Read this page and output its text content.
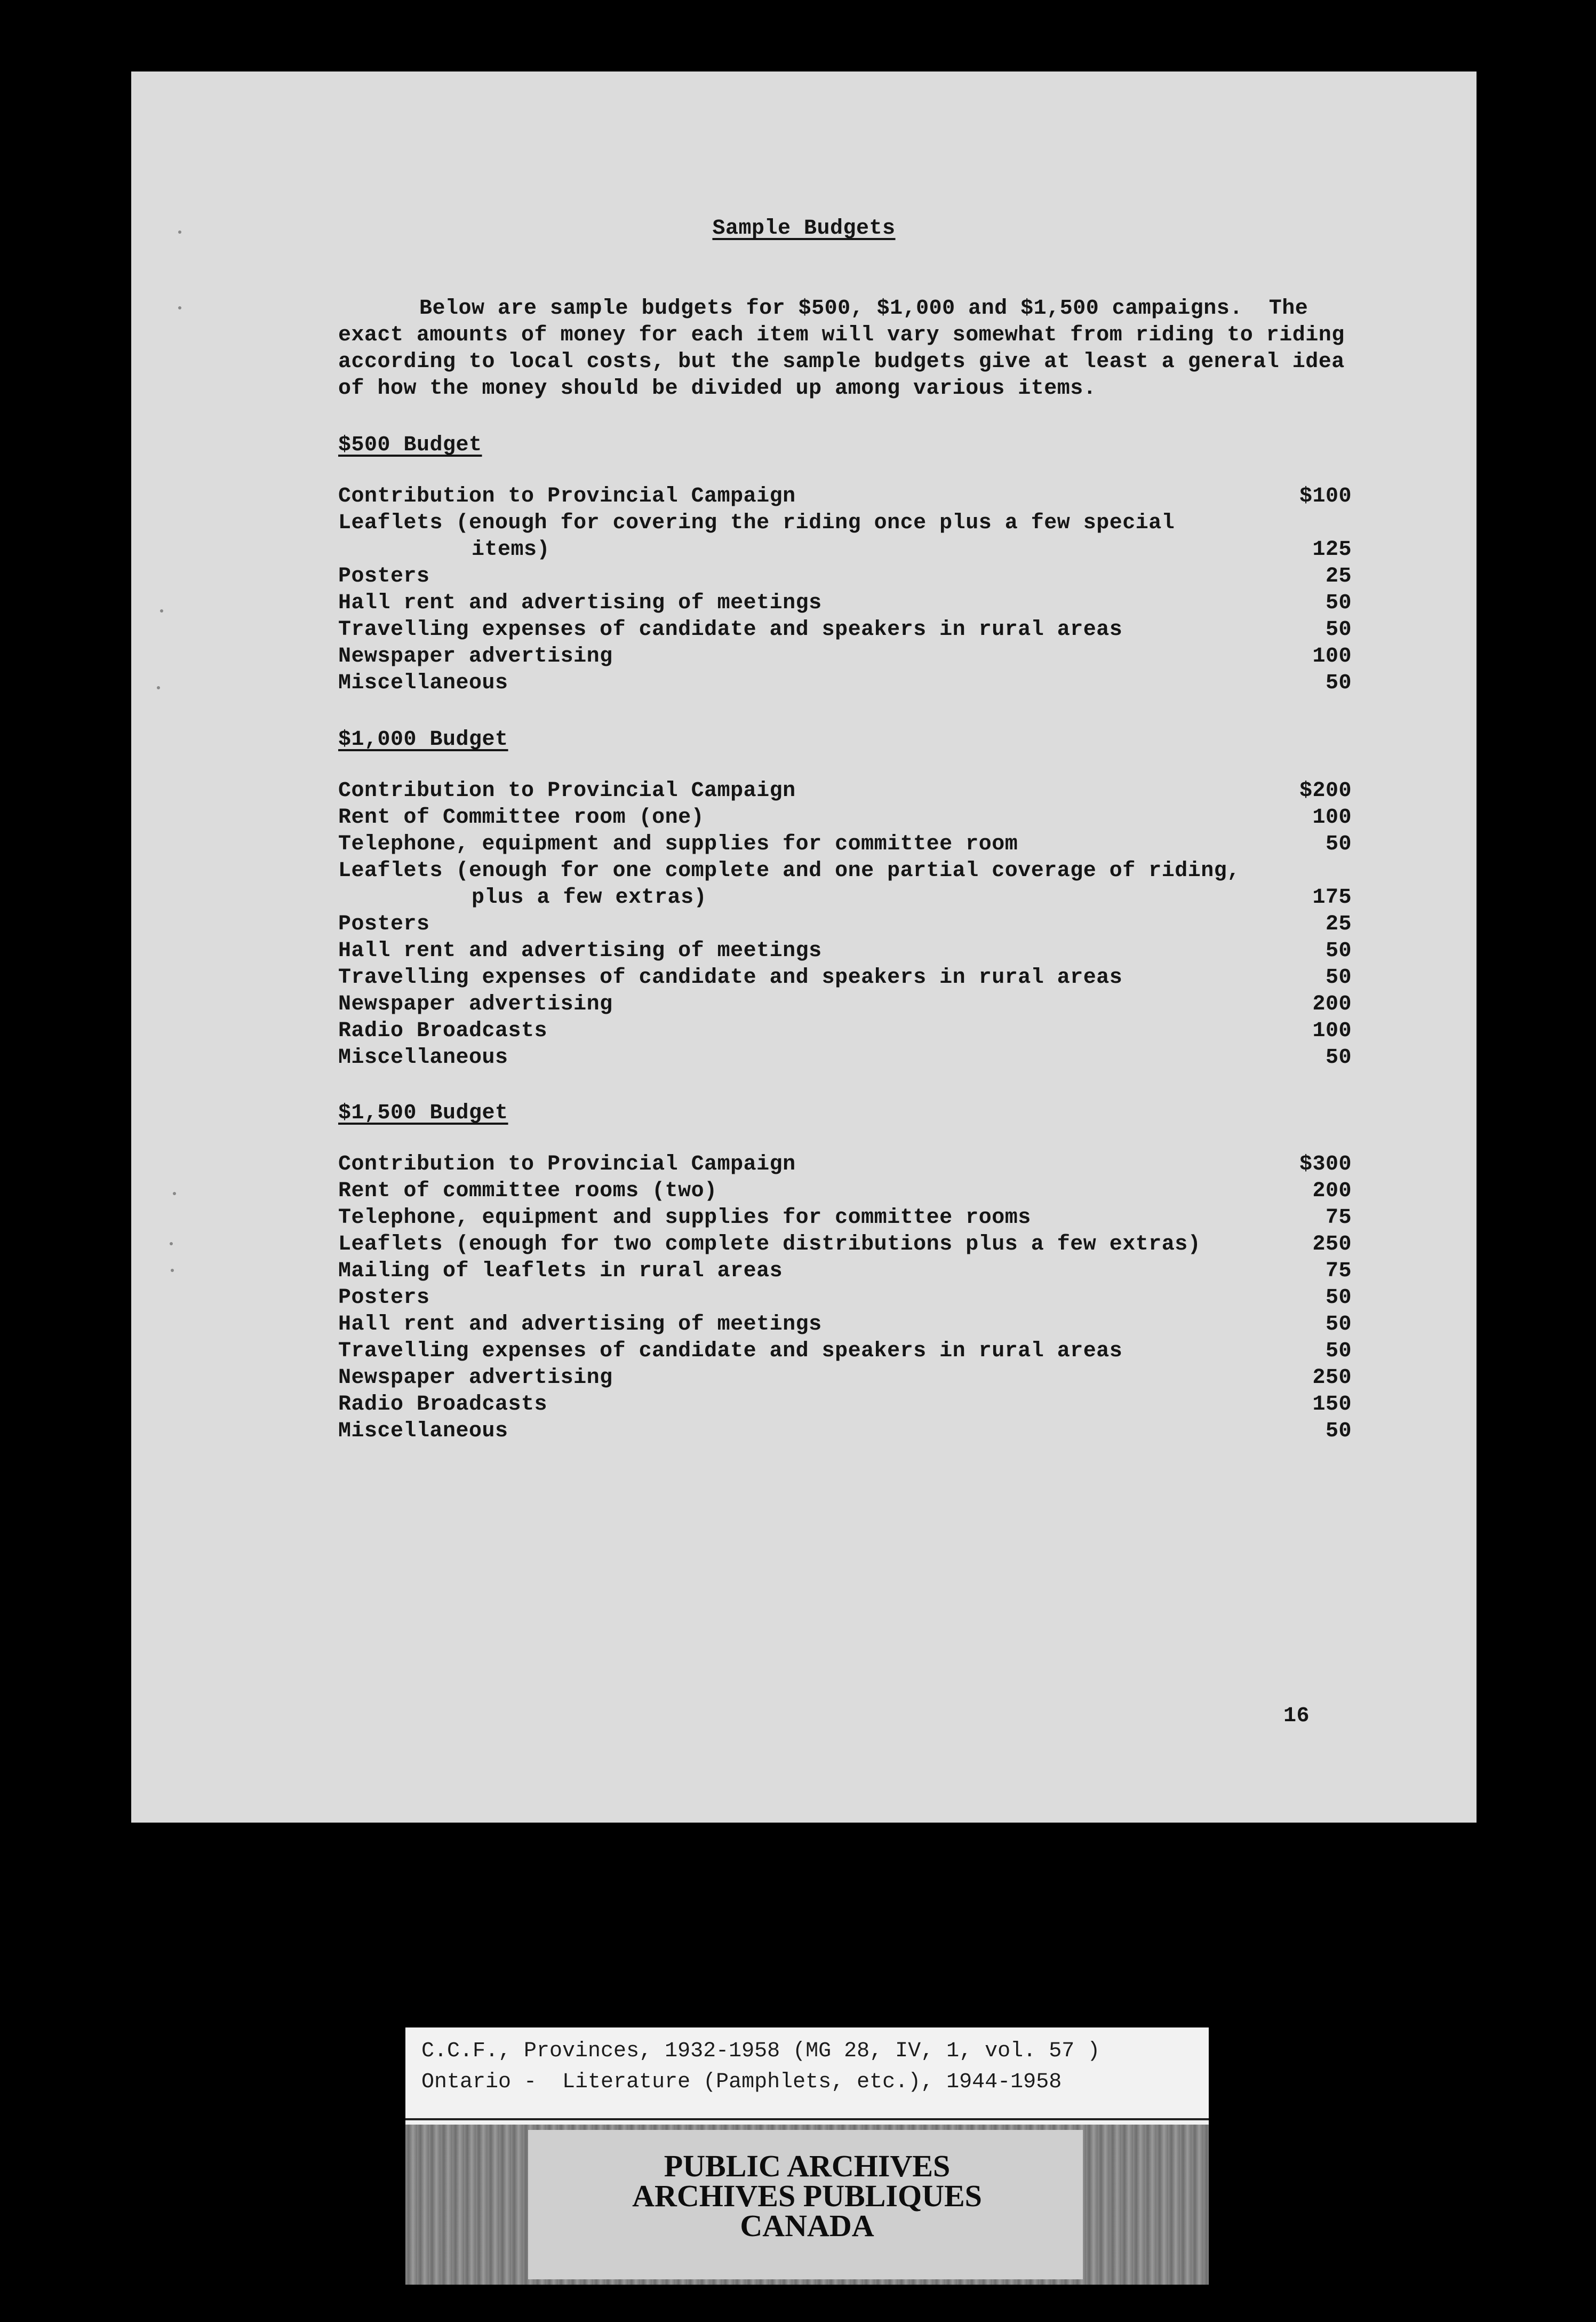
Sample Budgets
Below are sample budgets for $500, $1,000 and $1,500 campaigns.  The
exact amounts of money for each item will vary somewhat from riding to riding
according to local costs, but the sample budgets give at least a general idea
of how the money should be divided up among various items.
$500 Budget
Contribution to Provincial Campaign	$100
Leaflets (enough for covering the riding once plus a few special
items)	125
Posters	25
Hall rent and advertising of meetings	50
Travelling expenses of candidate and speakers in rural areas	50
Newspaper advertising	100
Miscellaneous	50
$1,000 Budget
Contribution to Provincial Campaign	$200
Rent of Committee room (one)	100
Telephone, equipment and supplies for committee room	50
Leaflets (enough for one complete and one partial coverage of riding,
plus a few extras)	175
Posters	25
Hall rent and advertising of meetings	50
Travelling expenses of candidate and speakers in rural areas	50
Newspaper advertising	200
Radio Broadcasts	100
Miscellaneous	50
$1,500 Budget
Contribution to Provincial Campaign	$300
Rent of committee rooms (two)	200
Telephone, equipment and supplies for committee rooms	75
Leaflets (enough for two complete distributions plus a few extras)	250
Mailing of leaflets in rural areas	75
Posters	50
Hall rent and advertising of meetings	50
Travelling expenses of candidate and speakers in rural areas	50
Newspaper advertising	250
Radio Broadcasts	150
Miscellaneous	50
16
C.C.F., Provinces, 1932-1958 (MG 28, IV, 1, vol. 57 )
Ontario -  Literature (Pamphlets, etc.), 1944-1958
PUBLIC ARCHIVES
ARCHIVES PUBLIQUES
CANADA
